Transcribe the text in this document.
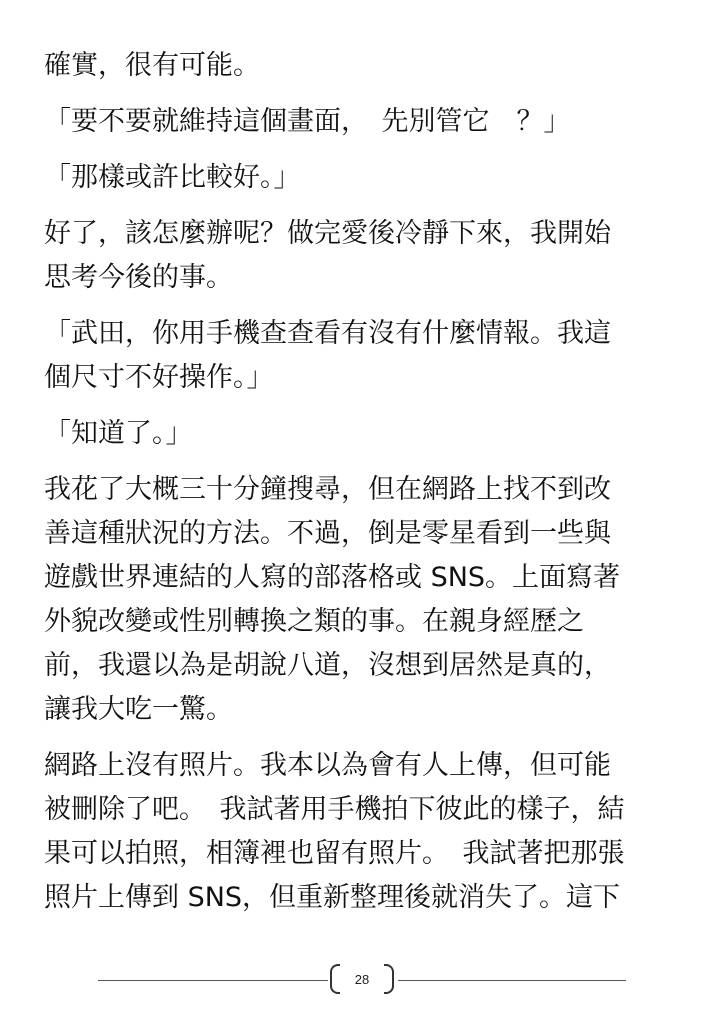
確實，很有可能。

「要不要就維持這個畫面，　先別管它　？」

「那樣或許比較好。」

好了，該怎麼辦呢？做完愛後冷靜下來，我開始
思考今後的事。

「武田，你用手機查查看有沒有什麼情報。我這
個尺寸不好操作。」

「知道了。」

我花了大概三十分鐘搜尋，但在網路上找不到改
善這種狀況的方法。不過，倒是零星看到一些與
遊戲世界連結的人寫的部落格或 SNS。上面寫著
外貌改變或性別轉換之類的事。在親身經歷之
前，我還以為是胡說八道，沒想到居然是真的，
讓我大吃一驚。

網路上沒有照片。我本以為會有人上傳，但可能
被刪除了吧。　我試著用手機拍下彼此的樣子，結
果可以拍照，相簿裡也留有照片。　我試著把那張
照片上傳到 SNS，但重新整理後就消失了。這下

28
